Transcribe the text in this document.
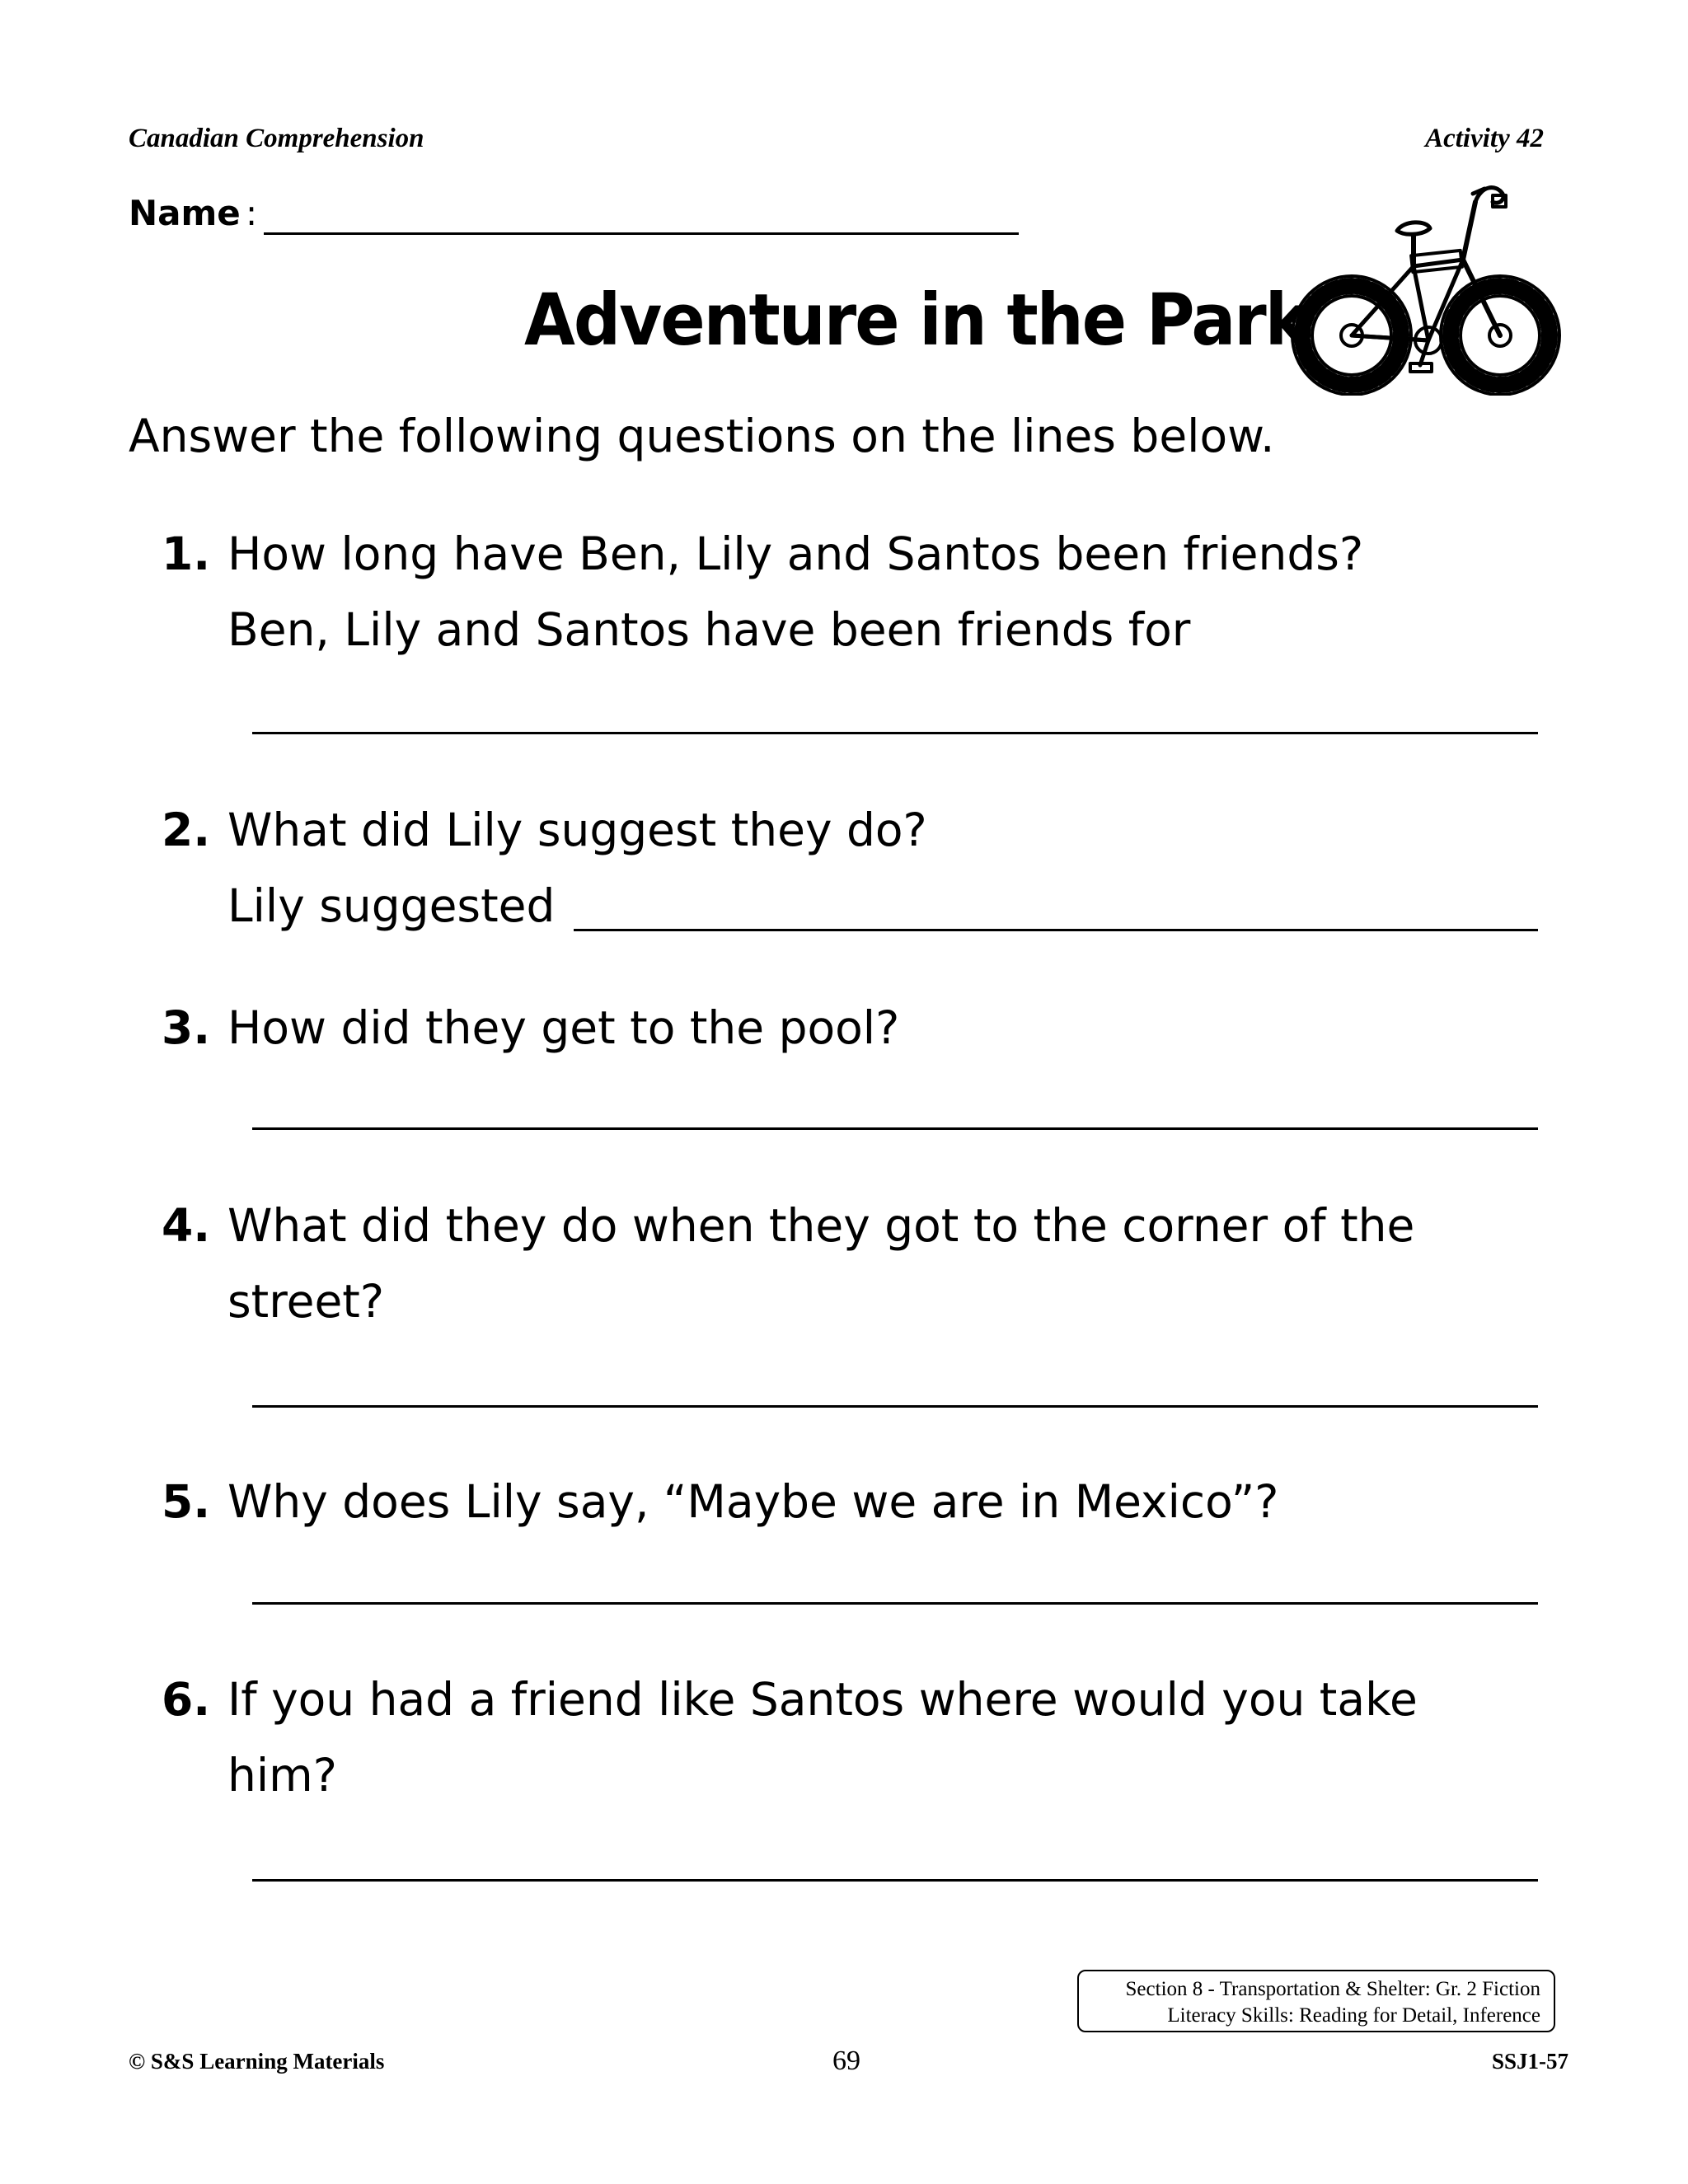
Canadian Comprehension	Activity 42
Name :
Adventure in the Park
Answer the following questions on the lines below.
1. How long have Ben, Lily and Santos been friends?
Ben, Lily and Santos have been friends for
2. What did Lily suggest they do?
Lily suggested
3. How did they get to the pool?
4. What did they do when they got to the corner of the
street?
5. Why does Lily say, “Maybe we are in Mexico”?
6. If you had a friend like Santos where would you take
him?
Section 8 - Transportation & Shelter: Gr. 2 Fiction
Literacy Skills: Reading for Detail, Inference
© S&S Learning Materials	69	SSJ1-57
